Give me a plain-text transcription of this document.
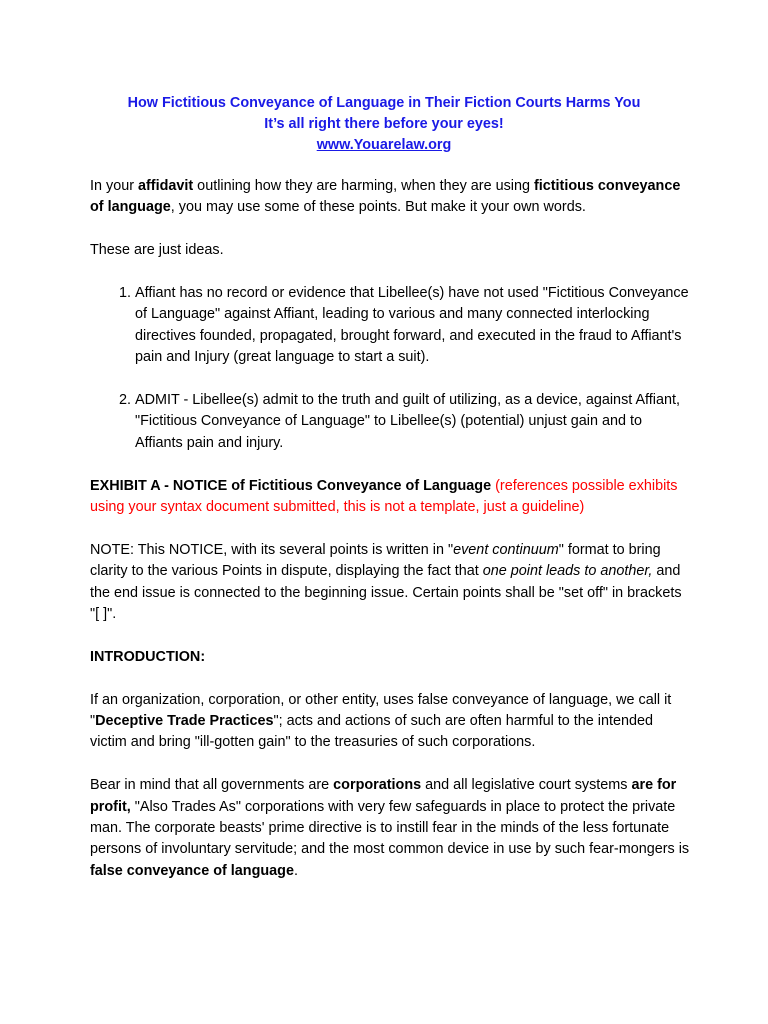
How Fictitious Conveyance of Language in Their Fiction Courts Harms You
It’s all right there before your eyes!
www.Youarelaw.org

In your affidavit outlining how they are harming, when they are using fictitious conveyance of language, you may use some of these points. But make it your own words.

These are just ideas.

1. Affiant has no record or evidence that Libellee(s) have not used "Fictitious Conveyance of Language" against Affiant, leading to various and many connected interlocking directives founded, propagated, brought forward, and executed in the fraud to Affiant's pain and Injury (great language to start a suit).
2. ADMIT - Libellee(s) admit to the truth and guilt of utilizing, as a device, against Affiant, "Fictitious Conveyance of Language" to Libellee(s) (potential) unjust gain and to Affiants pain and injury.

EXHIBIT A - NOTICE of Fictitious Conveyance of Language (references possible exhibits using your syntax document submitted, this is not a template, just a guideline)

NOTE: This NOTICE, with its several points is written in "event continuum" format to bring clarity to the various Points in dispute, displaying the fact that one point leads to another, and the end issue is connected to the beginning issue. Certain points shall be "set off" in brackets "[ ]".

INTRODUCTION:

If an organization, corporation, or other entity, uses false conveyance of language, we call it "Deceptive Trade Practices"; acts and actions of such are often harmful to the intended victim and bring "ill-gotten gain" to the treasuries of such corporations.

Bear in mind that all governments are corporations and all legislative court systems are for profit, "Also Trades As" corporations with very few safeguards in place to protect the private man. The corporate beasts' prime directive is to instill fear in the minds of the less fortunate persons of involuntary servitude; and the most common device in use by such fear-mongers is false conveyance of language.
